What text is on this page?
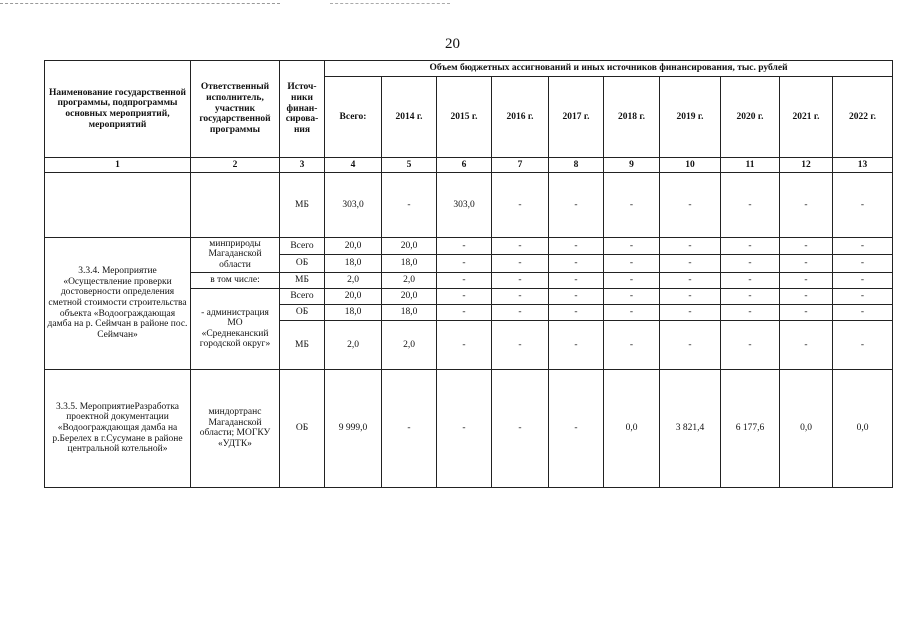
20
Наименование государственной программы, подпрограммы основных мероприятий, мероприятий	Ответственный исполнитель, участник государственной программы	Источ-ники финан-сирова-ния	Объем бюджетных ассигнований и иных источников финансирования, тыс. рублей									
			Всего:	2014 г.	2015 г.	2016 г.	2017 г.	2018 г.	2019 г.	2020 г.	2021 г.	2022 г.
1	2	3	4	5	6	7	8	9	10	11	12	13
		МБ	303,0	-	303,0	-	-	-	-	-	-	-
3.3.4. Мероприятие «Осуществление проверки достоверности определения сметной стоимости строительства объекта «Водоограждающая дамба на р. Сеймчан в районе пос. Сеймчан»	минприроды Магаданской области	Всего	20,0	20,0	-	-	-	-	-	-	-	-
		ОБ	18,0	18,0	-	-	-	-	-	-	-	-
	в том числе:	МБ	2,0	2,0	-	-	-	-	-	-	-	-
	- администрация МО «Среднеканский городской округ»	Всего	20,0	20,0	-	-	-	-	-	-	-	-
		ОБ	18,0	18,0	-	-	-	-	-	-	-	-
		МБ	2,0	2,0	-	-	-	-	-	-	-	-
3.3.5. МероприятиеРазработка проектной документации «Водоограждающая дамба на р.Берелех в г.Сусумане в районе центральной котельной»	миндортранс Магаданской области; МОГКУ «УДТК»	ОБ	9 999,0	-	-	-	-	0,0	3 821,4	6 177,6	0,0	0,0
